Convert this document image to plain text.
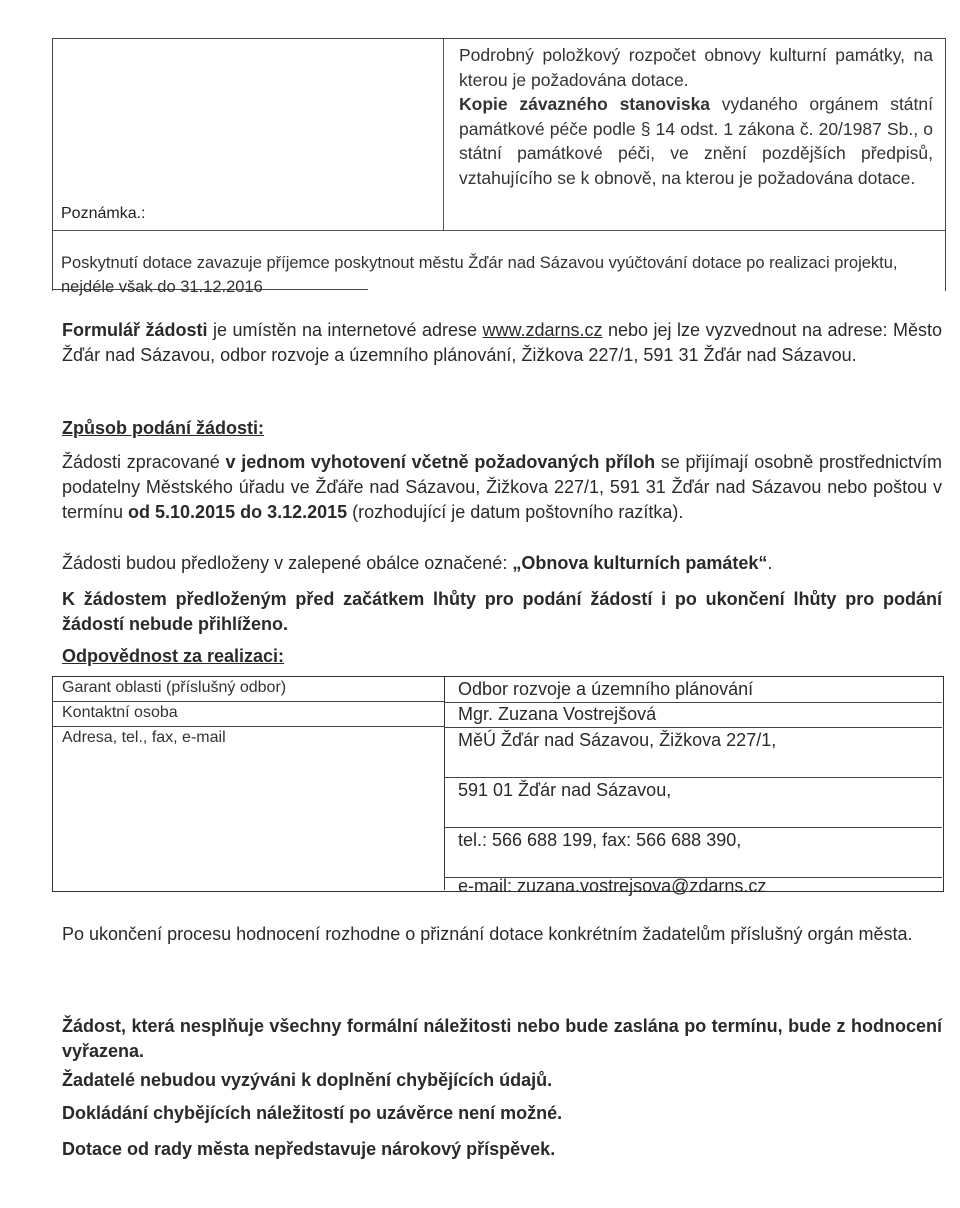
Podrobný položkový rozpočet obnovy kulturní památky, na kterou je požadována dotace.

Kopie závazného stanoviska vydaného orgánem státní památkové péče podle § 14 odst. 1 zákona č. 20/1987 Sb., o státní památkové péči, ve znění pozdějších předpisů, vztahujícího se k obnově, na kterou je požadována dotace.

Poznámka.:
Poskytnutí dotace zavazuje příjemce poskytnout městu Žďár nad Sázavou vyúčtování dotace po realizaci projektu, nejdéle však do 31.12.2016

Formulář žádosti je umístěn na internetové adrese www.zdarns.cz nebo jej lze vyzvednout na adrese: Město Žďár nad Sázavou, odbor rozvoje a územního plánování, Žižkova 227/1, 591 31 Žďár nad Sázavou.

Způsob podání žádosti:

Žádosti zpracované v jednom vyhotovení včetně požadovaných příloh se přijímají osobně prostřednictvím podatelny Městského úřadu ve Žďáře nad Sázavou, Žižkova 227/1, 591 31 Žďár nad Sázavou nebo poštou v termínu od 5.10.2015 do 3.12.2015 (rozhodující je datum poštovního razítka).

Žádosti budou předloženy v zalepené obálce označené: „Obnova kulturních památek“.

K žádostem předloženým před začátkem lhůty pro podání žádostí i po ukončení lhůty pro podání žádostí nebude přihlíženo.

Odpovědnost za realizaci:

Garant oblasti (příslušný odbor)
Kontaktní osoba
Adresa, tel., fax, e-mail
Odbor rozvoje a územního plánování
Mgr. Zuzana Vostrejšová
MěÚ Žďár nad Sázavou, Žižkova 227/1,
591 01 Žďár nad Sázavou,
tel.: 566 688 199, fax: 566 688 390,
e-mail: zuzana.vostrejsova@zdarns.cz

Po ukončení procesu hodnocení rozhodne o přiznání dotace konkrétním žadatelům příslušný orgán města.

Žádost, která nesplňuje všechny formální náležitosti nebo bude zaslána po termínu, bude z hodnocení vyřazena.

Žadatelé nebudou vyzýváni k doplnění chybějících údajů.

Dokládání chybějících náležitostí po uzávěrce není možné.

Dotace od rady města nepředstavuje nárokový příspěvek.
